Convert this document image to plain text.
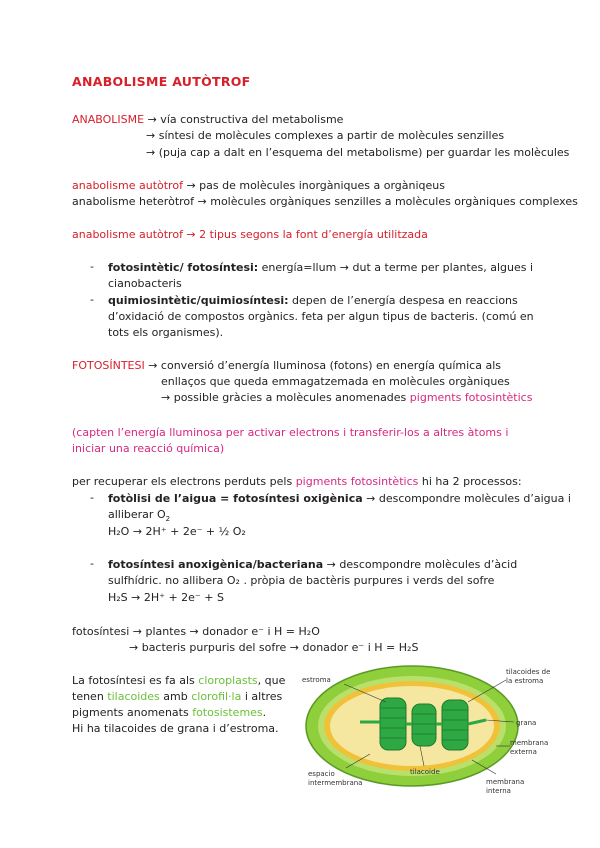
ANABOLISME AUTÒTROF
ANABOLISME → vía constructiva del metabolisme
→ síntesi de molècules complexes a partir de molècules senzilles
→ (puja cap a dalt en l’esquema del metabolisme) per guardar les molècules
anabolisme autòtrof → pas de molècules inorgàniques a orgàniqeus
anabolisme heteròtrof → molècules orgàniques senzilles a molècules orgàniques complexes
anabolisme autòtrof → 2 tipus segons la font d’energía utilitzada
- fotosintètic/ fotosíntesi: energía=llum → dut a terme per plantes, algues i
cianobacteris
- quimiosintètic/quimiosíntesi: depen de l’energía despesa en reaccions
d’oxidació de compostos orgànics. feta per algun tipus de bacteris. (comú en
tots els organismes).
FOTOSÍNTESI → conversió d’energía lluminosa (fotons) en energía química als
enllaços que queda emmagatzemada en molècules orgàniques
→ possible gràcies a molècules anomenades pigments fotosintètics
(capten l’energía lluminosa per activar electrons i transferir-los a altres àtoms i
iniciar una reacció química)
per recuperar els electrons perduts pels pigments fotosintètics hi ha 2 processos:
- fotòlisi de l’aigua = fotosíntesi oxigènica → descompondre molècules d’aigua i
alliberar $O_2$
H₂O → 2H⁺ + 2e⁻ + ½ O₂
- fotosíntesi anoxigènica/bacteriana → descompondre molècules d’àcid
sulfhídric. no allibera O₂ . pròpia de bactèris purpures i verds del sofre
H₂S → 2H⁺ + 2e⁻ + S
fotosíntesi → plantes → donador e⁻ i H = H₂O
→ bacteris purpuris del sofre → donador e⁻ i H = H₂S
La fotosíntesi es fa als cloroplasts, que
tenen tilacoides amb clorofil·la i altres
pigments anomenats fotosistemes.
Hi ha tilacoides de grana i d’estroma.
estroma
tilacoides de
la estroma
grana
membrana
externa
espacio
intermembrana
tilacoide
membrana
interna
